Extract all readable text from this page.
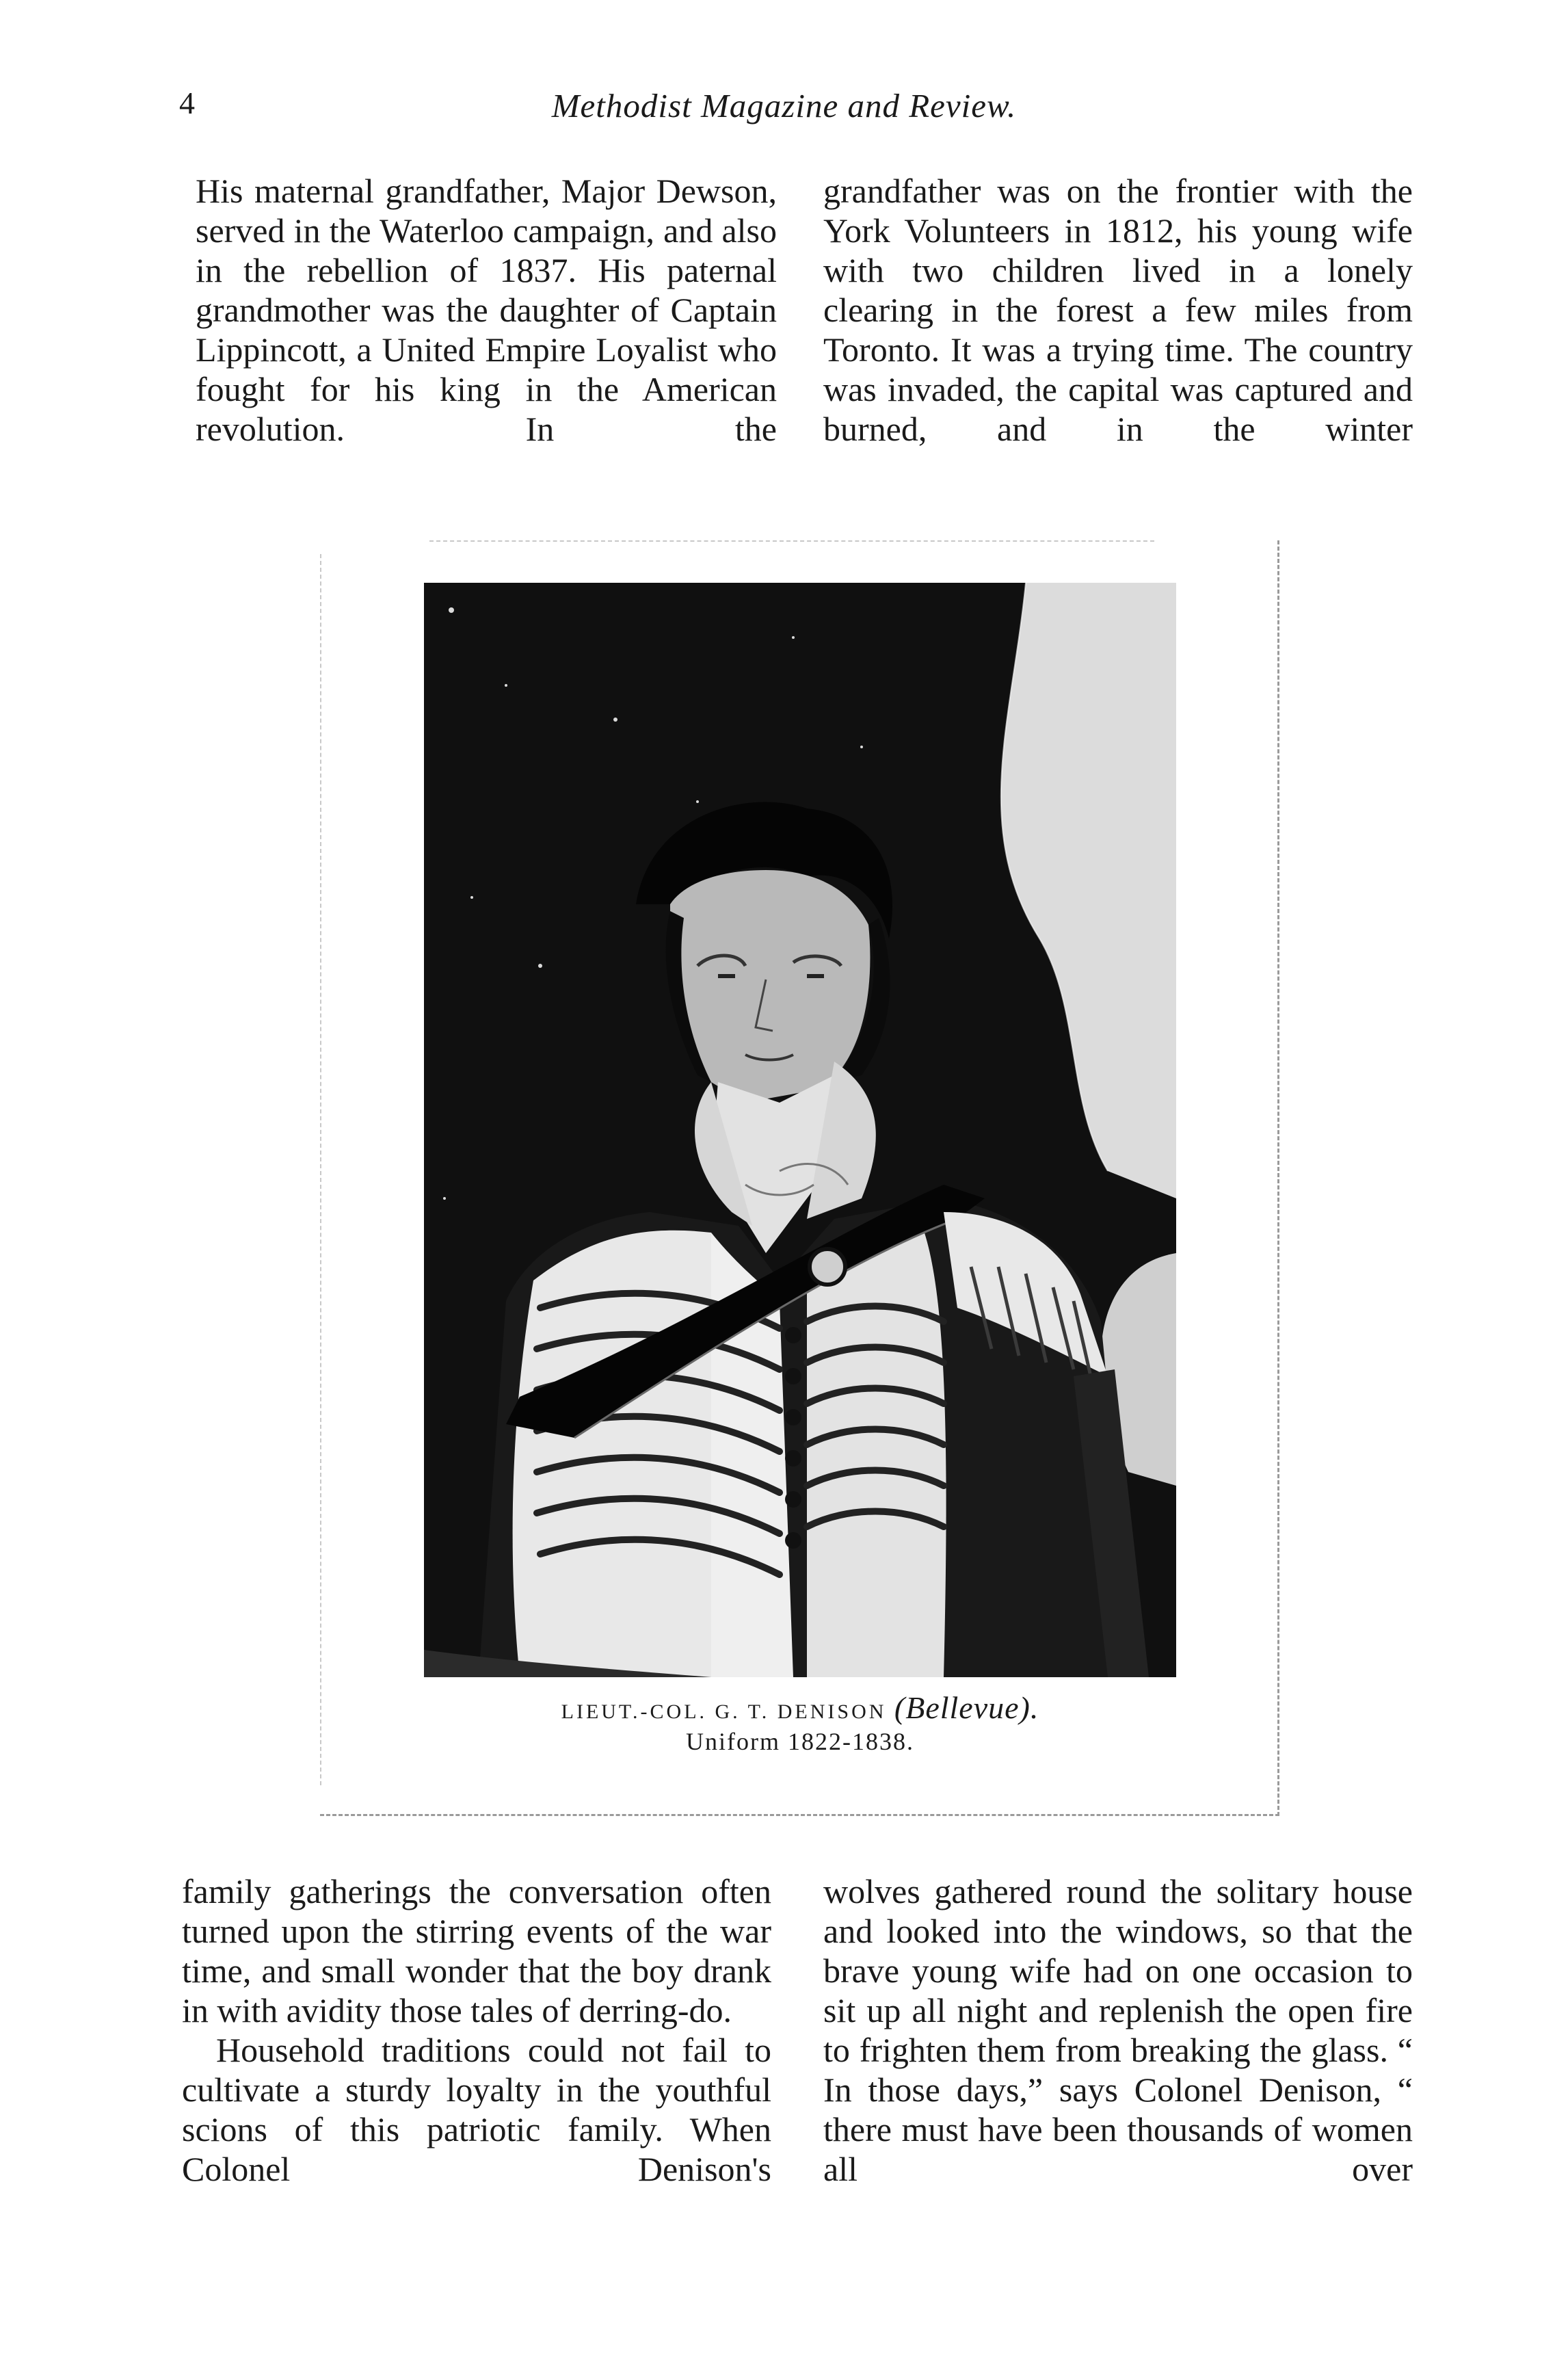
4	Methodist Magazine and Review.

His maternal grandfather, Major Dewson, served in the Waterloo campaign, and also in the rebellion of 1837. His paternal grandmother was the daughter of Captain Lippincott, a United Empire Loyalist who fought for his king in the American revolution. In the

grandfather was on the frontier with the York Volunteers in 1812, his young wife with two children lived in a lonely clearing in the forest a few miles from Toronto. It was a trying time. The country was invaded, the capital was captured and burned, and in the winter

LIEUT.-COL. G. T. DENISON (Bellevue).
Uniform 1822-1838.

family gatherings the conversation often turned upon the stirring events of the war time, and small wonder that the boy drank in with avidity those tales of derring-do.

Household traditions could not fail to cultivate a sturdy loyalty in the youthful scions of this patriotic family. When Colonel Denison's

wolves gathered round the solitary house and looked into the windows, so that the brave young wife had on one occasion to sit up all night and replenish the open fire to frighten them from breaking the glass. “ In those days,” says Colonel Denison, “ there must have been thousands of women all over
